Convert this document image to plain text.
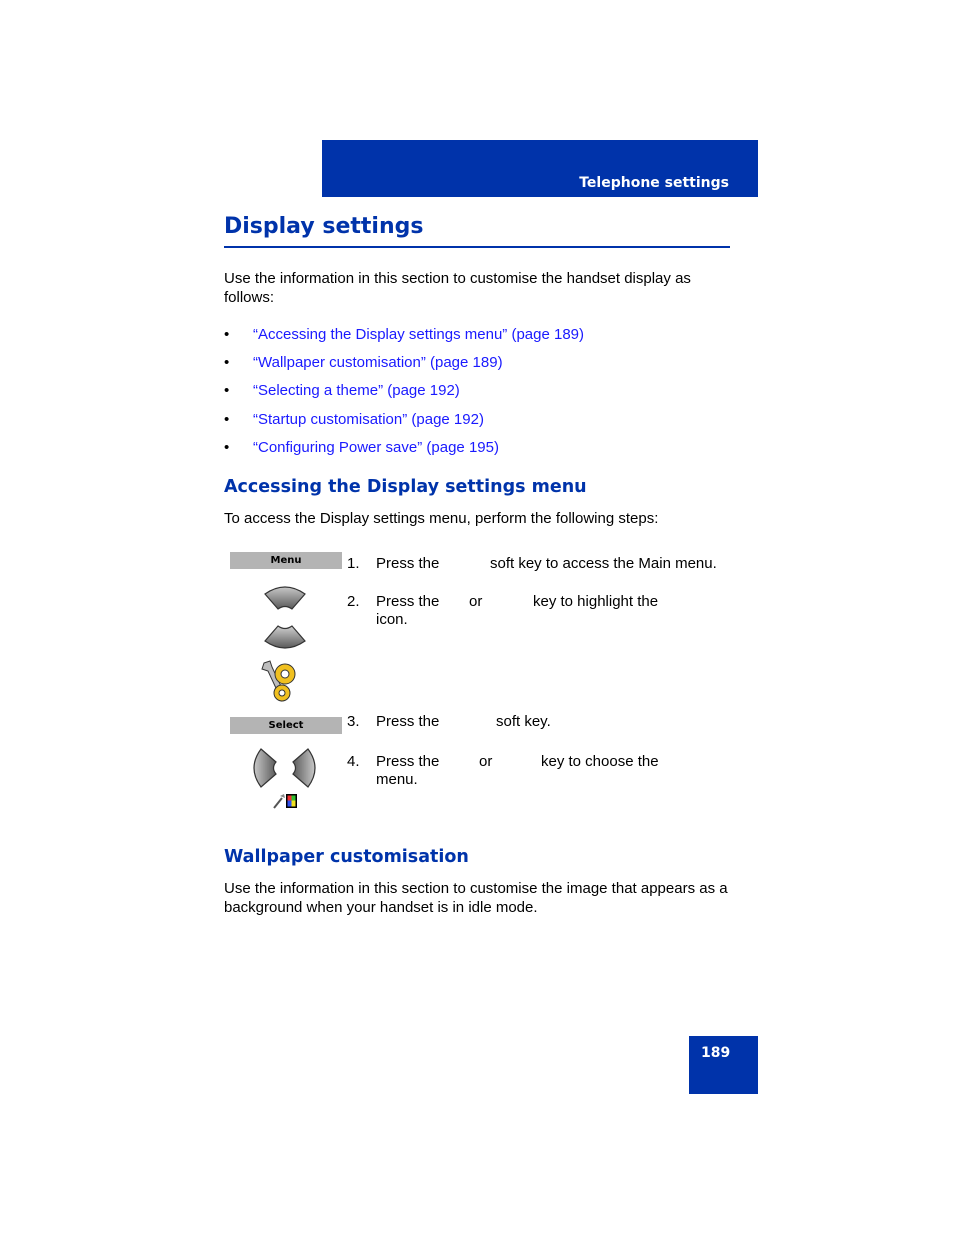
Telephone settings
Display settings

Use the information in this section to customise the handset display as follows:

• “Accessing the Display settings menu” (page 189)
• “Wallpaper customisation” (page 189)
• “Selecting a theme” (page 192)
• “Startup customisation” (page 192)
• “Configuring Power save” (page 195)
Accessing the Display settings menu

To access the Display settings menu, perform the following steps:

Menu	1. Press the	soft key to access the Main menu.
2. Press the or	key to highlight the
icon.
Select	3. Press the	soft key.
4. Press the	or	key to choose the
menu.
Wallpaper customisation

Use the information in this section to customise the image that appears as a background when your handset is in idle mode.

189
